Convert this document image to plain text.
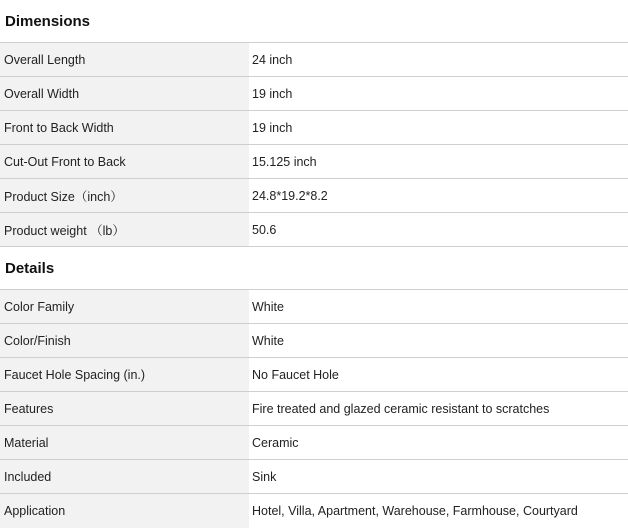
Dimensions
Overall Length	24 inch
Overall Width	19 inch
Front to Back Width	19 inch
Cut-Out Front to Back	15.125 inch
Product Size（inch）	24.8*19.2*8.2
Product weight （lb）	50.6
Details
Color Family	White
Color/Finish	White
Faucet Hole Spacing (in.)	No Faucet Hole
Features	Fire treated and glazed ceramic resistant to scratches
Material	Ceramic
Included	Sink
Application	Hotel, Villa, Apartment, Warehouse, Farmhouse, Courtyard
